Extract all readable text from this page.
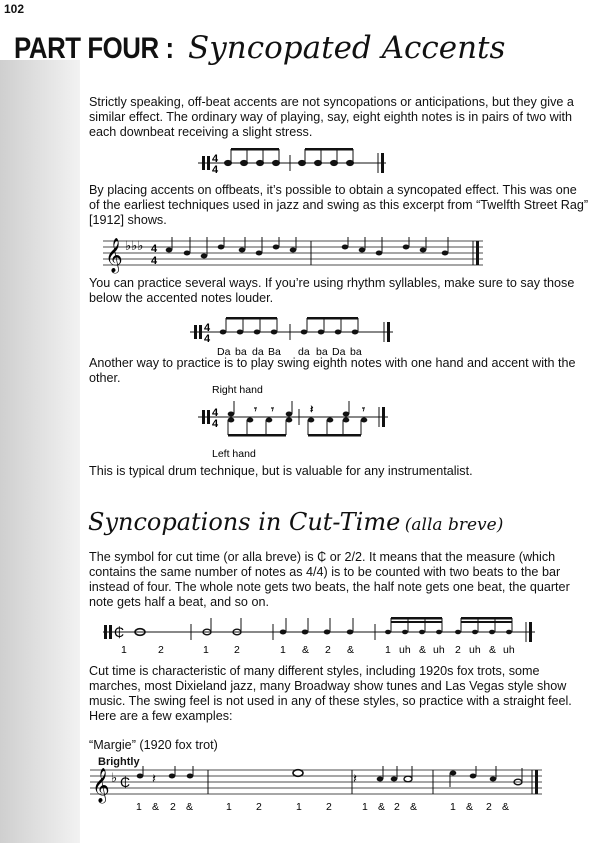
102
PART FOUR : Syncopated Accents

Strictly speaking, off-beat accents are not syncopations or anticipations, but they give a similar effect. The ordinary way of playing, say, eight eighth notes is in pairs of two with each downbeat receiving a slight stress.

4
4

By placing accents on offbeats, it’s possible to obtain a syncopated effect. This was one of the earliest techniques used in jazz and swing as this excerpt from “Twelfth Street Rag” [1912] shows.

𝄞 ♭♭♭ 4
4

You can practice several ways. If you’re using rhythm syllables, make sure to say those below the accented notes louder.

4
4
Da ba da Ba da ba Da ba

Another way to practice is to play swing eighth notes with one hand and accent with the other.

Right hand
4
4
𝄾 𝄾	𝄽	𝄾
Left hand

This is typical drum technique, but is valuable for any instrumentalist.

Syncopations in Cut-Time (alla breve)

The symbol for cut time (or alla breve) is ₵ or 2/2. It means that the measure (which contains the same number of notes as 4/4) is to be counted with two beats to the bar instead of four. The whole note gets two beats, the half note gets one beat, the quarter note gets half a beat, and so on.

₵
1	2	1 2	1 & 2 &	1 uh & uh 2 uh & uh

Cut time is characteristic of many different styles, including 1920s fox trots, some marches, most Dixieland jazz, many Broadway show tunes and Las Vegas style show music. The swing feel is not used in any of these styles, so practice with a straight feel. Here are a few examples:

“Margie” (1920 fox trot)
Brightly
𝄞 ♭ ₵ 𝄽	𝄽
1 & 2 &	1 2	1 2	1 & 2 &	1 & 2 &
